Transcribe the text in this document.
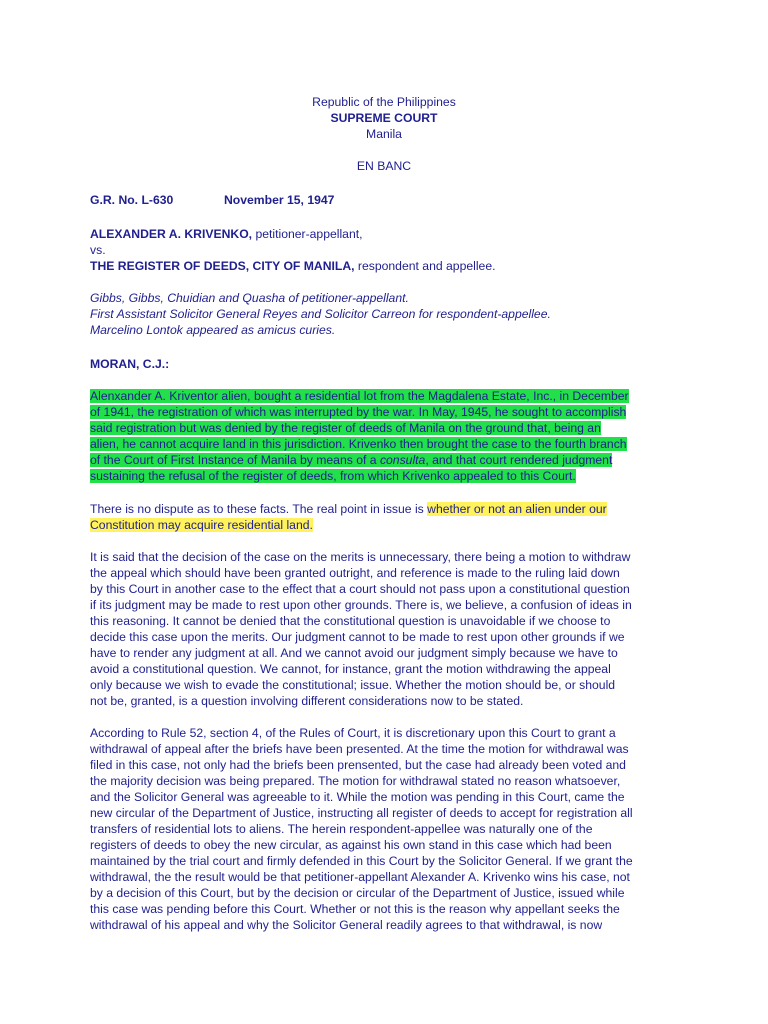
Republic of the Philippines
SUPREME COURT
Manila
EN BANC
G.R. No. L-630	November 15, 1947
ALEXANDER A. KRIVENKO, petitioner-appellant,
vs.
THE REGISTER OF DEEDS, CITY OF MANILA, respondent and appellee.
Gibbs, Gibbs, Chuidian and Quasha of petitioner-appellant.
First Assistant Solicitor General Reyes and Solicitor Carreon for respondent-appellee.
Marcelino Lontok appeared as amicus curies.
MORAN, C.J.:
Alenxander A. Kriventor alien, bought a residential lot from the Magdalena Estate, Inc., in December
of 1941, the registration of which was interrupted by the war. In May, 1945, he sought to accomplish
said registration but was denied by the register of deeds of Manila on the ground that, being an
alien, he cannot acquire land in this jurisdiction. Krivenko then brought the case to the fourth branch
of the Court of First Instance of Manila by means of a consulta, and that court rendered judgment
sustaining the refusal of the register of deeds, from which Krivenko appealed to this Court.
There is no dispute as to these facts. The real point in issue is whether or not an alien under our
Constitution may acquire residential land.
It is said that the decision of the case on the merits is unnecessary, there being a motion to withdraw
the appeal which should have been granted outright, and reference is made to the ruling laid down
by this Court in another case to the effect that a court should not pass upon a constitutional question
if its judgment may be made to rest upon other grounds. There is, we believe, a confusion of ideas in
this reasoning. It cannot be denied that the constitutional question is unavoidable if we choose to
decide this case upon the merits. Our judgment cannot to be made to rest upon other grounds if we
have to render any judgment at all. And we cannot avoid our judgment simply because we have to
avoid a constitutional question. We cannot, for instance, grant the motion withdrawing the appeal
only because we wish to evade the constitutional; issue. Whether the motion should be, or should
not be, granted, is a question involving different considerations now to be stated.
According to Rule 52, section 4, of the Rules of Court, it is discretionary upon this Court to grant a
withdrawal of appeal after the briefs have been presented. At the time the motion for withdrawal was
filed in this case, not only had the briefs been prensented, but the case had already been voted and
the majority decision was being prepared. The motion for withdrawal stated no reason whatsoever,
and the Solicitor General was agreeable to it. While the motion was pending in this Court, came the
new circular of the Department of Justice, instructing all register of deeds to accept for registration all
transfers of residential lots to aliens. The herein respondent-appellee was naturally one of the
registers of deeds to obey the new circular, as against his own stand in this case which had been
maintained by the trial court and firmly defended in this Court by the Solicitor General. If we grant the
withdrawal, the the result would be that petitioner-appellant Alexander A. Krivenko wins his case, not
by a decision of this Court, but by the decision or circular of the Department of Justice, issued while
this case was pending before this Court. Whether or not this is the reason why appellant seeks the
withdrawal of his appeal and why the Solicitor General readily agrees to that withdrawal, is now
